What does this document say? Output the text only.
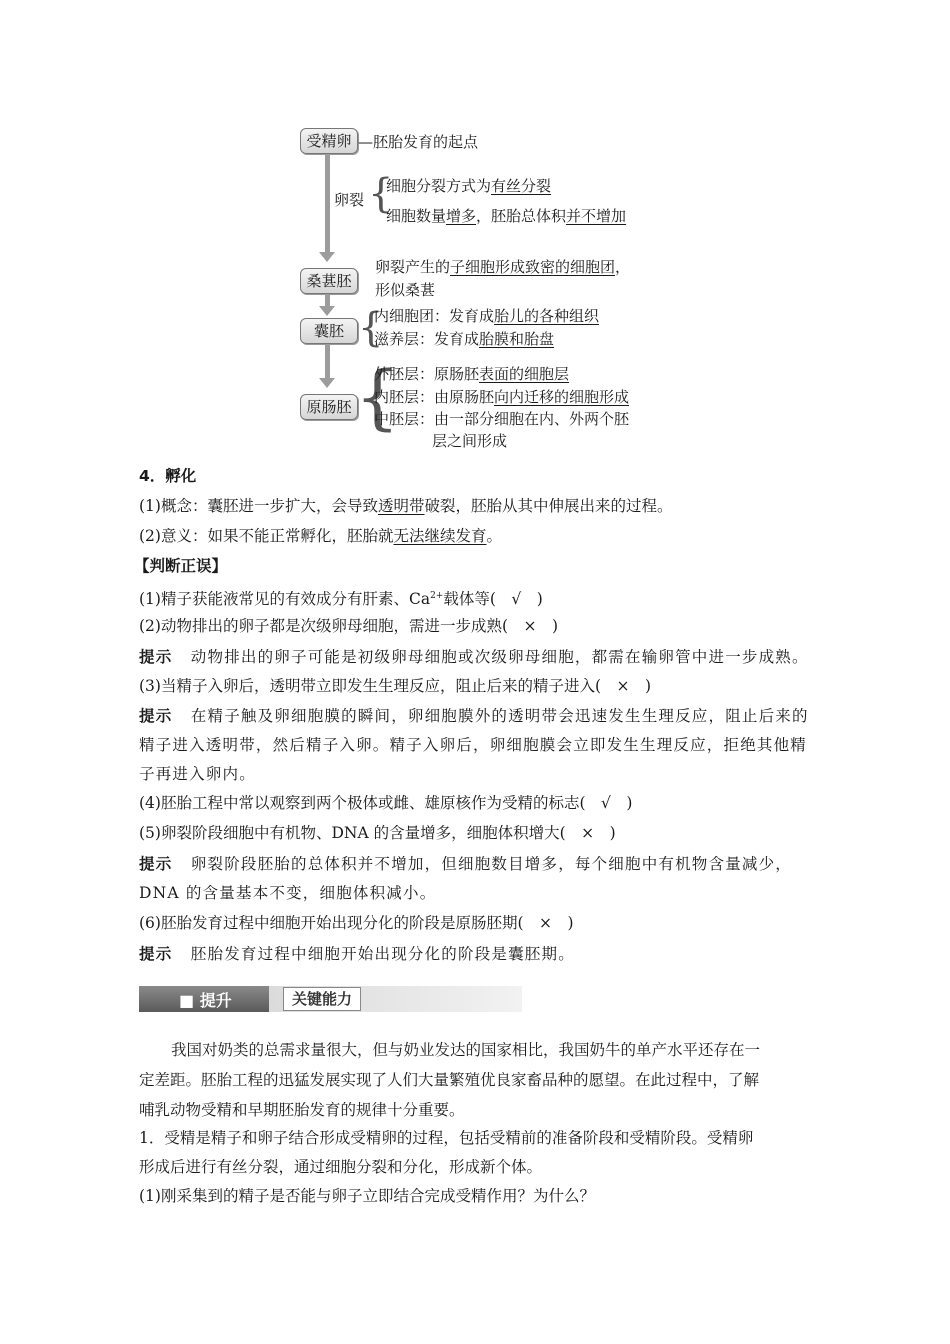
受精卵 —胚胎发育的起点
卵裂 {
细胞分裂方式为有丝分裂
细胞数量增多，胚胎总体积并不增加
桑葚胚
卵裂产生的子细胞形成致密的细胞团，
形似桑葚
囊胚 {
内细胞团：发育成胎儿的各种组织
滋养层：发育成胎膜和胎盘
原肠胚 {
外胚层：原肠胚表面的细胞层
内胚层：由原肠胚向内迁移的细胞形成
中胚层：由一部分细胞在内、外两个胚
层之间形成
4．孵化
(1)概念：囊胚进一步扩大，会导致透明带破裂，胚胎从其中伸展出来的过程。
(2)意义：如果不能正常孵化，胚胎就无法继续发育。
【判断正误】
(1)精子获能液常见的有效成分有肝素、$Ca^{2+}$载体等(　√　)
(2)动物排出的卵子都是次级卵母细胞，需进一步成熟(　×　)
提示 动物排出的卵子可能是初级卵母细胞或次级卵母细胞，都需在输卵管中进一步成熟。
(3)当精子入卵后，透明带立即发生生理反应，阻止后来的精子进入(　×　)
提示 在精子触及卵细胞膜的瞬间，卵细胞膜外的透明带会迅速发生生理反应，阻止后来的
精子进入透明带，然后精子入卵。精子入卵后，卵细胞膜会立即发生生理反应，拒绝其他精
子再进入卵内。
(4)胚胎工程中常以观察到两个极体或雌、雄原核作为受精的标志(　√　)
(5)卵裂阶段细胞中有机物、DNA 的含量增多，细胞体积增大(　×　)
提示 卵裂阶段胚胎的总体积并不增加，但细胞数目增多，每个细胞中有机物含量减少，
DNA 的含量基本不变，细胞体积减小。
(6)胚胎发育过程中细胞开始出现分化的阶段是原肠胚期(　×　)
提示 胚胎发育过程中细胞开始出现分化的阶段是囊胚期。
■ 提升	关键能力
我国对奶类的总需求量很大，但与奶业发达的国家相比，我国奶牛的单产水平还存在一
定差距。胚胎工程的迅猛发展实现了人们大量繁殖优良家畜品种的愿望。在此过程中，了解
哺乳动物受精和早期胚胎发育的规律十分重要。
1．受精是精子和卵子结合形成受精卵的过程，包括受精前的准备阶段和受精阶段。受精卵
形成后进行有丝分裂，通过细胞分裂和分化，形成新个体。
(1)刚采集到的精子是否能与卵子立即结合完成受精作用？为什么？
